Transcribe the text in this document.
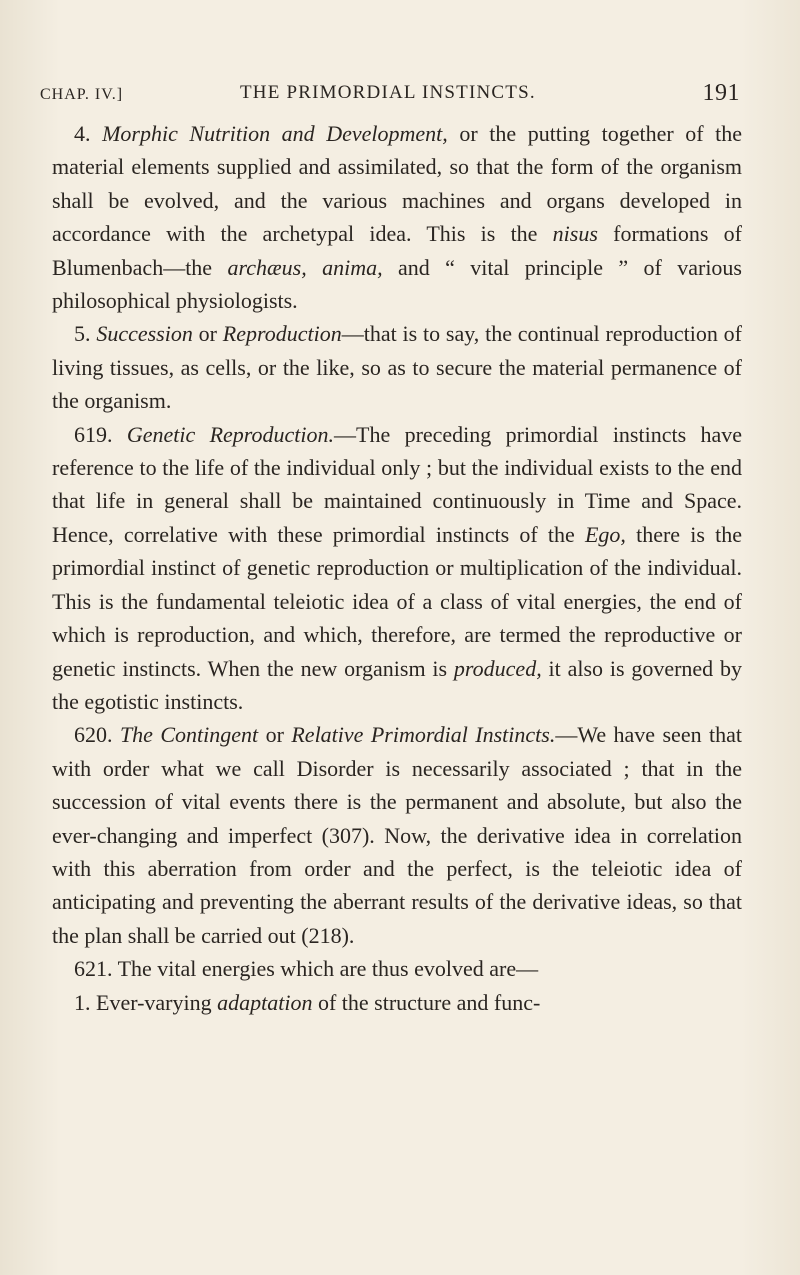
CHAP. IV.]	THE PRIMORDIAL INSTINCTS.	191

4. Morphic Nutrition and Development, or the putting together of the material elements supplied and assimilated, so that the form of the organism shall be evolved, and the various machines and organs developed in accordance with the archetypal idea. This is the nisus formations of Blumenbach—the archæus, anima, and “ vital principle ” of various philosophical physiologists.

5. Succession or Reproduction—that is to say, the continual reproduction of living tissues, as cells, or the like, so as to secure the material permanence of the organism.

619. Genetic Reproduction.—The preceding primordial instincts have reference to the life of the individual only ; but the individual exists to the end that life in general shall be maintained continuously in Time and Space. Hence, correlative with these primordial instincts of the Ego, there is the primordial instinct of genetic reproduction or multiplication of the individual. This is the fundamental teleiotic idea of a class of vital energies, the end of which is reproduction, and which, therefore, are termed the reproductive or genetic instincts. When the new organism is produced, it also is governed by the egotistic instincts.

620. The Contingent or Relative Primordial Instincts.—We have seen that with order what we call Disorder is necessarily associated ; that in the succession of vital events there is the permanent and absolute, but also the ever-changing and imperfect (307). Now, the derivative idea in correlation with this aberration from order and the perfect, is the teleiotic idea of anticipating and preventing the aberrant results of the derivative ideas, so that the plan shall be carried out (218).

621. The vital energies which are thus evolved are—

1. Ever-varying adaptation of the structure and func-
